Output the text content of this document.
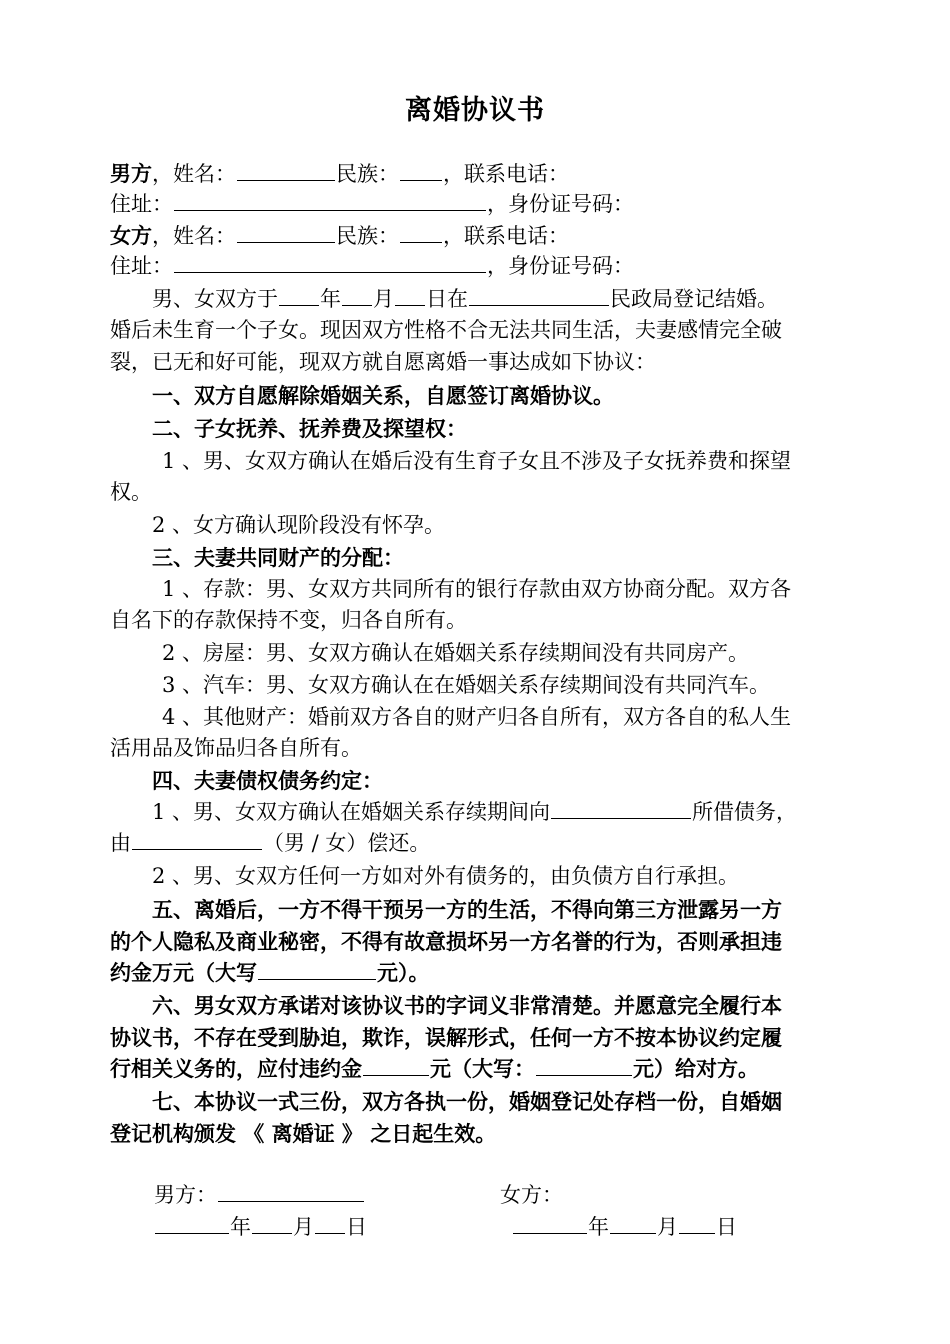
离婚协议书
男方，姓名：	民族： ，联系电话：
住址：	，身份证号码：
女方，姓名：	民族： ，联系电话：
住址：	，身份证号码：
男、女双方于 年 月 日在	民政局登记结婚。
婚后未生育一个子女。现因双方性格不合无法共同生活，夫妻感情完全破
裂，已无和好可能，现双方就自愿离婚一事达成如下协议：
一、双方自愿解除婚姻关系，自愿签订离婚协议。
二、子女抚养、抚养费及探望权：
1 、男、女双方确认在婚后没有生育子女且不涉及子女抚养费和探望
权。
2 、女方确认现阶段没有怀孕。
三、夫妻共同财产的分配：
1 、存款：男、女双方共同所有的银行存款由双方协商分配。双方各
自名下的存款保持不变，归各自所有。
2 、房屋：男、女双方确认在婚姻关系存续期间没有共同房产。
3 、汽车：男、女双方确认在在婚姻关系存续期间没有共同汽车。
4 、其他财产：婚前双方各自的财产归各自所有，双方各自的私人生
活用品及饰品归各自所有。
四、夫妻债权债务约定：
1 、男、女双方确认在婚姻关系存续期间向	所借债务，
由	（男 / 女）偿还。
2 、男、女双方任何一方如对外有债务的，由负债方自行承担。
五、离婚后，一方不得干预另一方的生活，不得向第三方泄露另一方
的个人隐私及商业秘密，不得有故意损坏另一方名誉的行为，否则承担违
约金万元（大写	元）。
六、男女双方承诺对该协议书的字词义非常清楚。并愿意完全履行本
协议书，不存在受到胁迫，欺诈，误解形式，任何一方不按本协议约定履
行相关义务的，应付违约金	元（大写：	元）给对方。
七、本协议一式三份，双方各执一份，婚姻登记处存档一份，自婚姻
登记机构颁发 《 离婚证 》 之日起生效。
男方：	女方：
年 月 日	年 月 日
